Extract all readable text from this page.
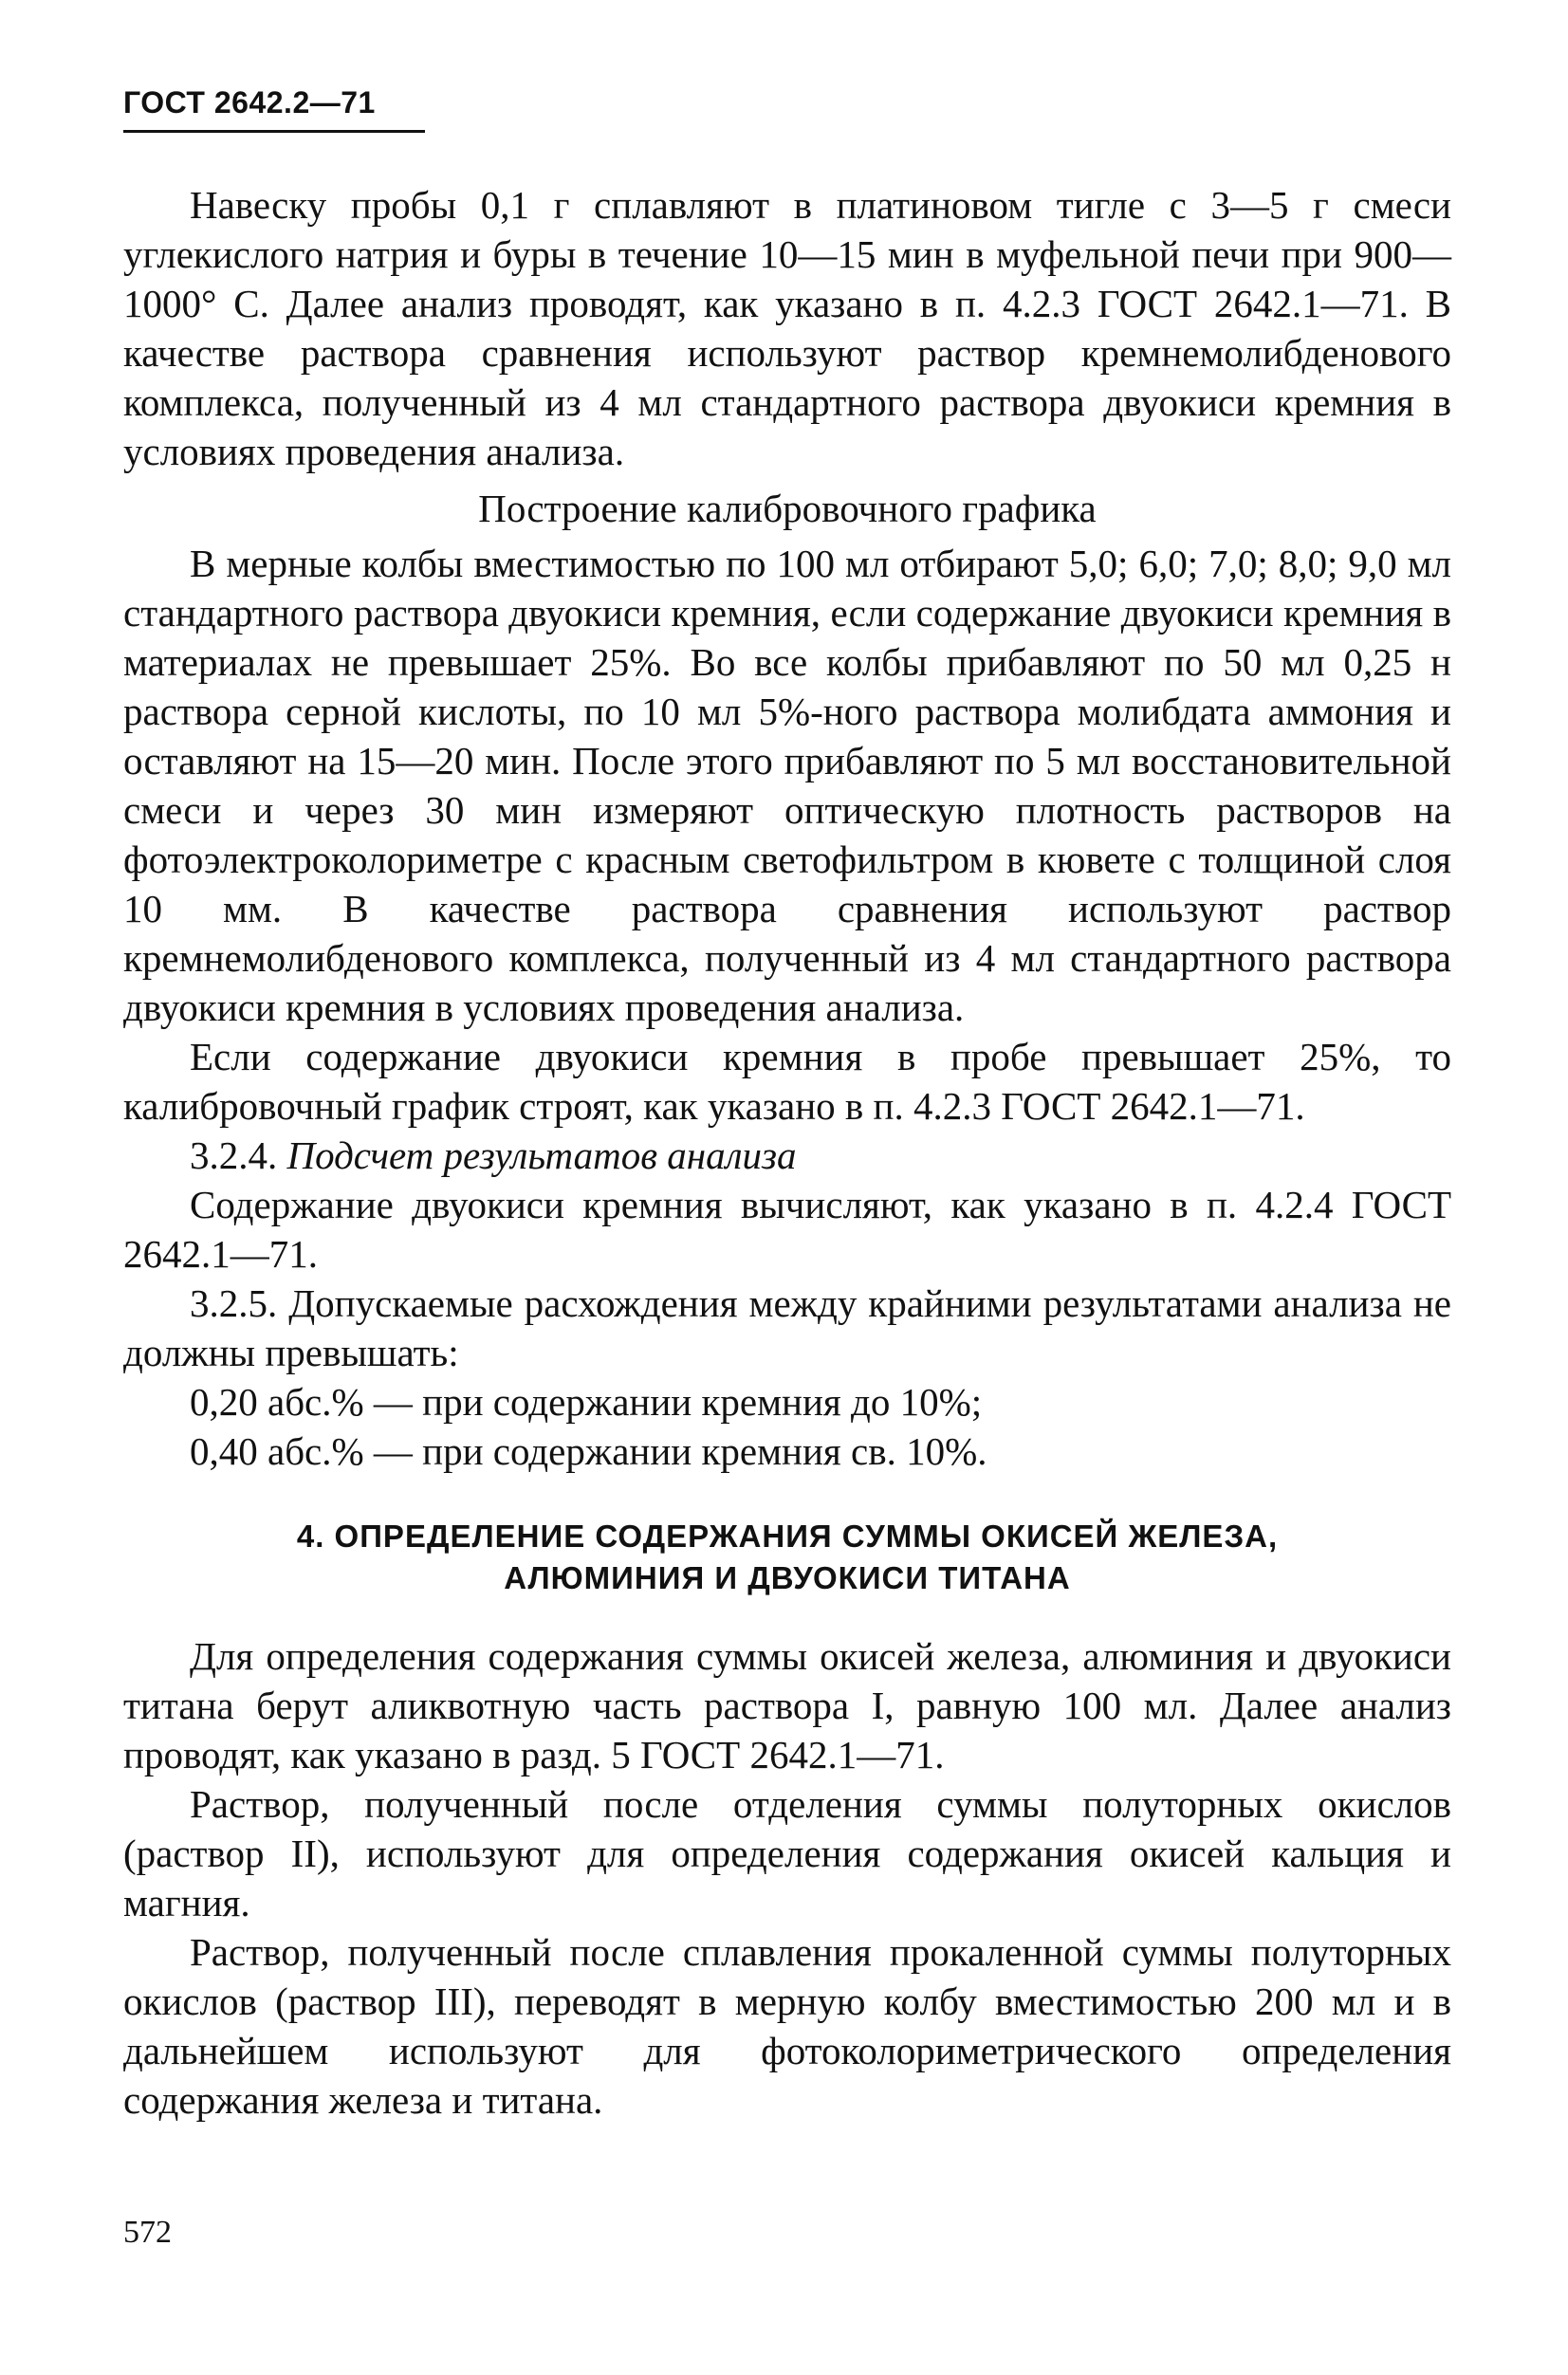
ГОСТ 2642.2—71

Навеску пробы 0,1 г сплавляют в платиновом тигле с 3—5 г смеси углекислого натрия и буры в течение 10—15 мин в муфельной печи при 900—1000° С. Далее анализ проводят, как указано в п. 4.2.3 ГОСТ 2642.1—71. В качестве раствора сравнения используют раствор кремнемолибденового комплекса, полученный из 4 мл стандартного раствора двуокиси кремния в условиях проведения анализа.

Построение калибровочного графика

В мерные колбы вместимостью по 100 мл отбирают 5,0; 6,0; 7,0; 8,0; 9,0 мл стандартного раствора двуокиси кремния, если содержание двуокиси кремния в материалах не превышает 25%. Во все колбы прибавляют по 50 мл 0,25 н раствора серной кислоты, по 10 мл 5%-ного раствора молибдата аммония и оставляют на 15—20 мин. После этого прибавляют по 5 мл восстановительной смеси и через 30 мин измеряют оптическую плотность растворов на фотоэлектроколориметре с красным светофильтром в кювете с толщиной слоя 10 мм. В качестве раствора сравнения используют раствор кремнемолибденового комплекса, полученный из 4 мл стандартного раствора двуокиси кремния в условиях проведения анализа.

Если содержание двуокиси кремния в пробе превышает 25%, то калибровочный график строят, как указано в п. 4.2.3 ГОСТ 2642.1—71.

3.2.4. Подсчет результатов анализа

Содержание двуокиси кремния вычисляют, как указано в п. 4.2.4 ГОСТ 2642.1—71.

3.2.5. Допускаемые расхождения между крайними результатами анализа не должны превышать:

0,20 абс.% — при содержании кремния до 10%;

0,40 абс.% — при содержании кремния св. 10%.

4. ОПРЕДЕЛЕНИЕ СОДЕРЖАНИЯ СУММЫ ОКИСЕЙ ЖЕЛЕЗА,
АЛЮМИНИЯ И ДВУОКИСИ ТИТАНА

Для определения содержания суммы окисей железа, алюминия и двуокиси титана берут аликвотную часть раствора I, равную 100 мл. Далее анализ проводят, как указано в разд. 5 ГОСТ 2642.1—71.

Раствор, полученный после отделения суммы полуторных окислов (раствор II), используют для определения содержания окисей кальция и магния.

Раствор, полученный после сплавления прокаленной суммы полуторных окислов (раствор III), переводят в мерную колбу вместимостью 200 мл и в дальнейшем используют для фотоколориметрического определения содержания железа и титана.

572
